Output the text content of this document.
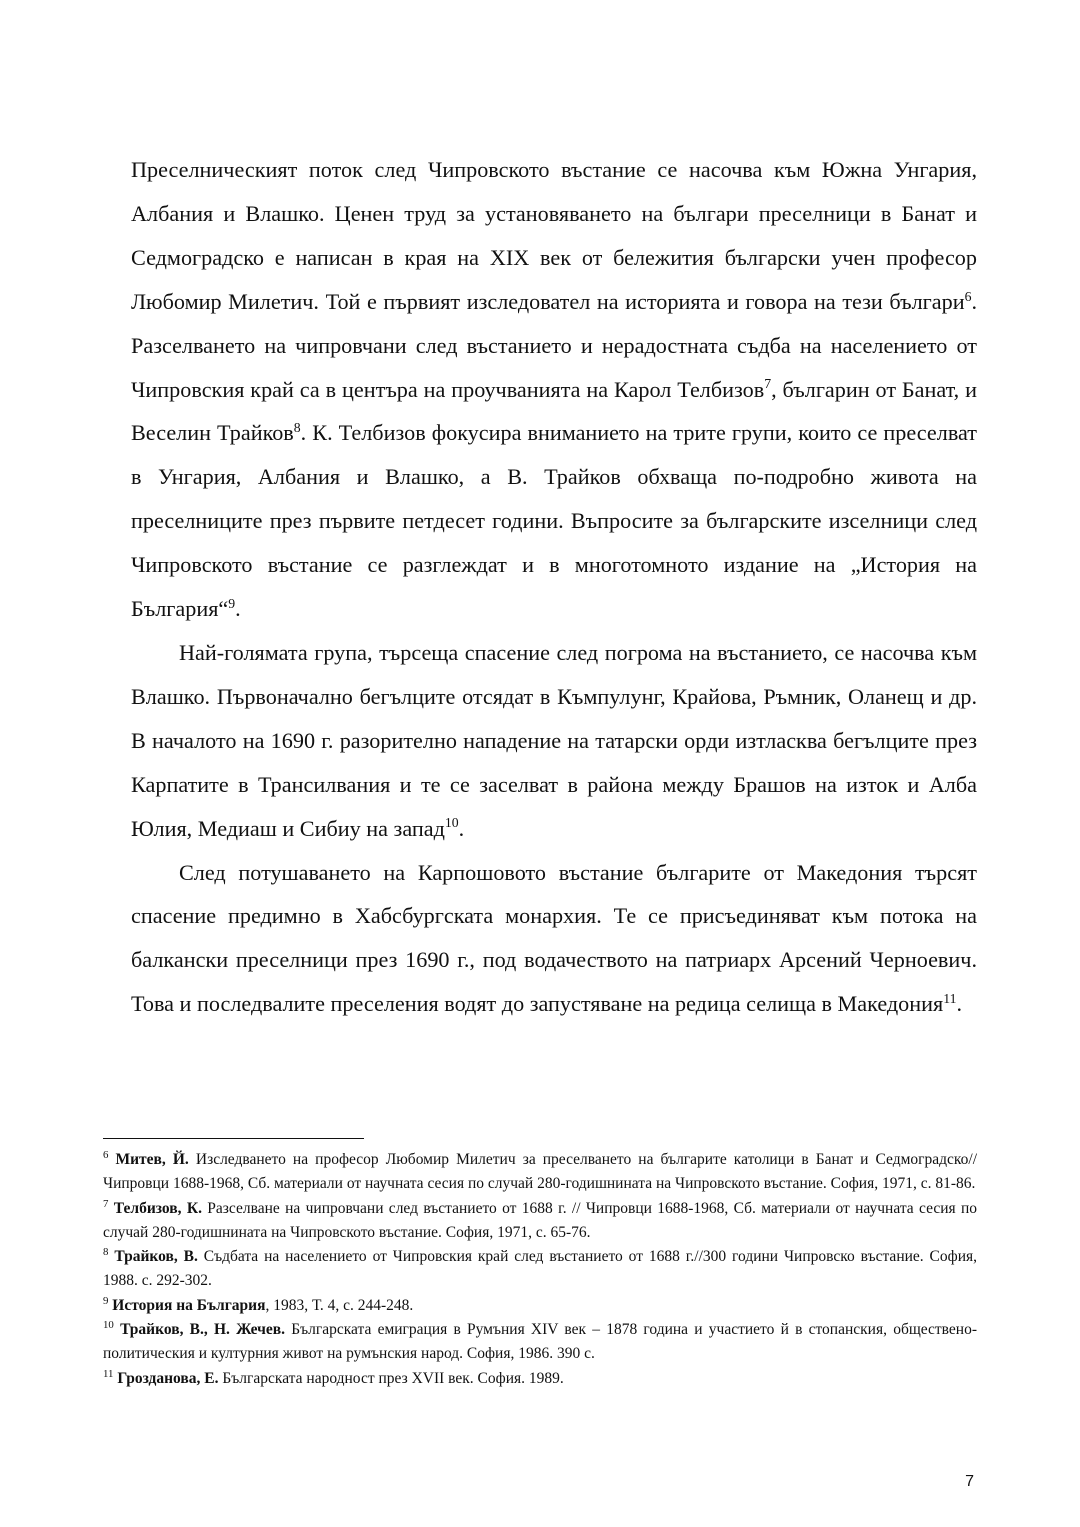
Преселническият поток след Чипровското въстание се насочва към Южна Унгария, Албания и Влашко. Ценен труд за установяването на българи преселници в Банат и Седмоградско е написан в края на XIX век от бележития български учен професор Любомир Милетич. Той е първият изследовател на историята и говора на тези българи$^6$. Разселването на чипровчани след въстанието и нерадостната съдба на населението от Чипровския край са в центъра на проучванията на Карол Телбизов$^7$, българин от Банат, и Веселин Трайков$^8$. К. Телбизов фокусира вниманието на трите групи, които се преселват в Унгария, Албания и Влашко, а В. Трайков обхваща по-подробно живота на преселниците през първите петдесет години. Въпросите за българските изселници след Чипровското въстание се разглеждат и в многотомното издание на „История на България“$^9$.

Най-голямата група, търсеща спасение след погрома на въстанието, се насочва към Влашко. Първоначално бегълците отсядат в Къмпулунг, Крайова, Ръмник, Оланещ и др. В началото на 1690 г. разорително нападение на татарски орди изтласква бегълците през Карпатите в Трансилвания и те се заселват в района между Брашов на изток и Алба Юлия, Медиаш и Сибиу на запад$^{10}$.

След потушаването на Карпошовото въстание българите от Македония търсят спасение предимно в Хабсбургската монархия. Те се присъединяват към потока на балкански преселници през 1690 г., под водачеството на патриарх Арсений Черноевич. Това и последвалите преселения водят до запустяване на редица селища в Македония$^{11}$.

$^6$ Митев, Й. Изследването на професор Любомир Милетич за преселването на българите католици в Банат и Седмоградско// Чипровци 1688-1968, Сб. материали от научната сесия по случай 280-годишнината на Чипровското въстание. София, 1971, с. 81-86.

$^7$ Телбизов, К. Разселване на чипровчани след въстанието от 1688 г. // Чипровци 1688-1968, Сб. материали от научната сесия по случай 280-годишнината на Чипровското въстание. София, 1971, с. 65-76.

$^8$ Трайков, В. Съдбата на населението от Чипровския край след въстанието от 1688 г.//300 години Чипровско въстание. София, 1988. с. 292-302.

$^9$ История на България, 1983, Т. 4, с. 244-248.

$^{10}$ Трайков, В., Н. Жечев. Българската емиграция в Румъния XIV век – 1878 година и участието й в стопанския, обществено-политическия и културния живот на румънския народ. София, 1986. 390 с.

$^{11}$ Грозданова, Е. Българската народност през XVII век. София. 1989.

7
